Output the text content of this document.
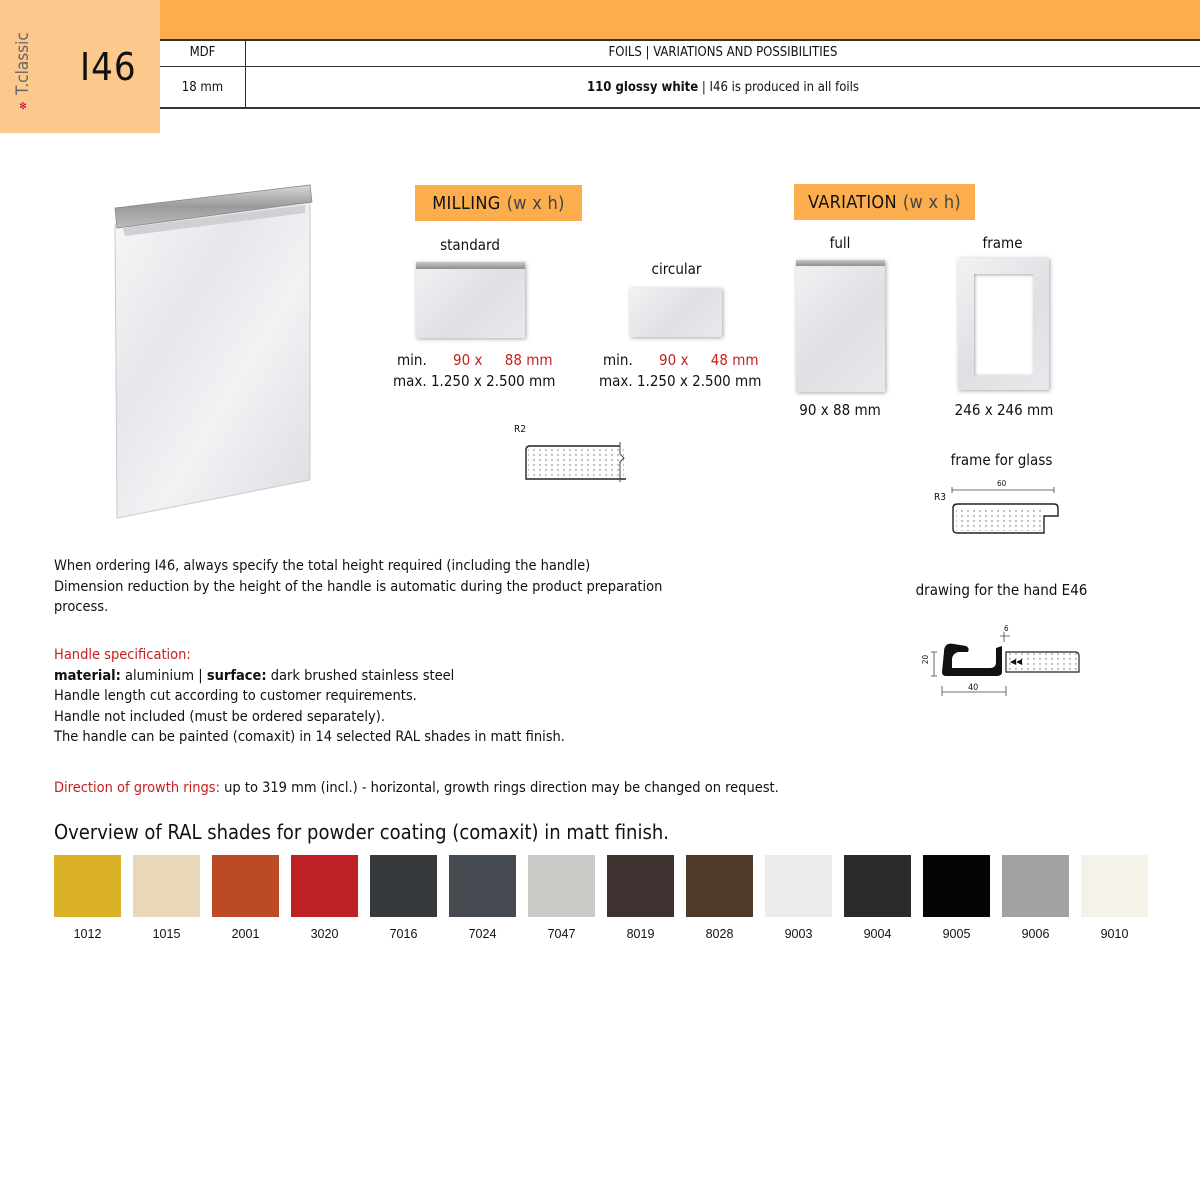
✻
T.classic I46	MDF	FOILS | VARIATIONS AND POSSIBILITIES
18 mm	110 glossy white | I46 is produced in all foils
MILLING (w x h)
standard
min. 90 x 88 mm
max. 1.250 x 2.500 mm
circular
min. 90 x 48 mm
max. 1.250 x 2.500 mm
R2
VARIATION (w x h)
full
90 x 88 mm
frame
246 x 246 mm
frame for glass
R3
60
drawing for the hand E46
6
20
40
When ordering I46, always specify the total height required (including the handle)
Dimension reduction by the height of the handle is automatic during the product preparation
process.
Handle specification:
material: aluminium | surface: dark brushed stainless steel
Handle length cut according to customer requirements.
Handle not included (must be ordered separately).
The handle can be painted (comaxit) in 14 selected RAL shades in matt finish.
Direction of growth rings: up to 319 mm (incl.) - horizontal, growth rings direction may be changed on request.
Overview of RAL shades for powder coating (comaxit) in matt finish.
1012	1015	2001	3020	7016	7024	7047	8019	8028	9003	9004	9005	9006	9010
